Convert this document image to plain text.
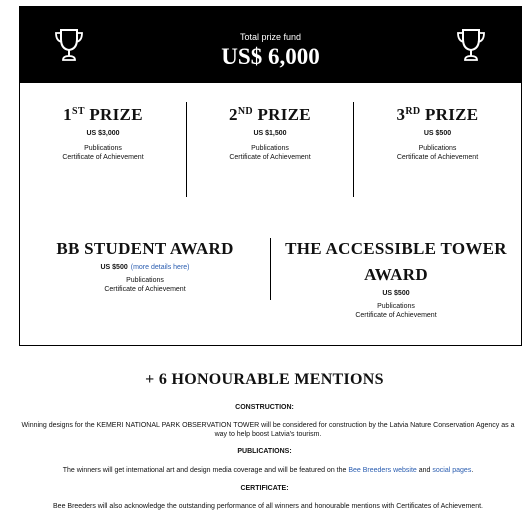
Total prize fund
US$ 6,000
1ST PRIZE
US $3,000
Publications
Certificate of Achievement
2ND PRIZE
US $1,500
Publications
Certificate of Achievement
3RD PRIZE
US $500
Publications
Certificate of Achievement
BB STUDENT AWARD
US $500 (more details here)
Publications
Certificate of Achievement
THE ACCESSIBLE TOWER
AWARD
US $500
Publications
Certificate of Achievement
+ 6 HONOURABLE MENTIONS
CONSTRUCTION:
Winning designs for the KEMERI NATIONAL PARK OBSERVATION TOWER will be considered for construction by the Latvia Nature Conservation Agency as a way to help boost Latvia's tourism.
PUBLICATIONS:
The winners will get international art and design media coverage and will be featured on the Bee Breeders website and social pages.
CERTIFICATE:
Bee Breeders will also acknowledge the outstanding performance of all winners and honourable mentions with Certificates of Achievement.
